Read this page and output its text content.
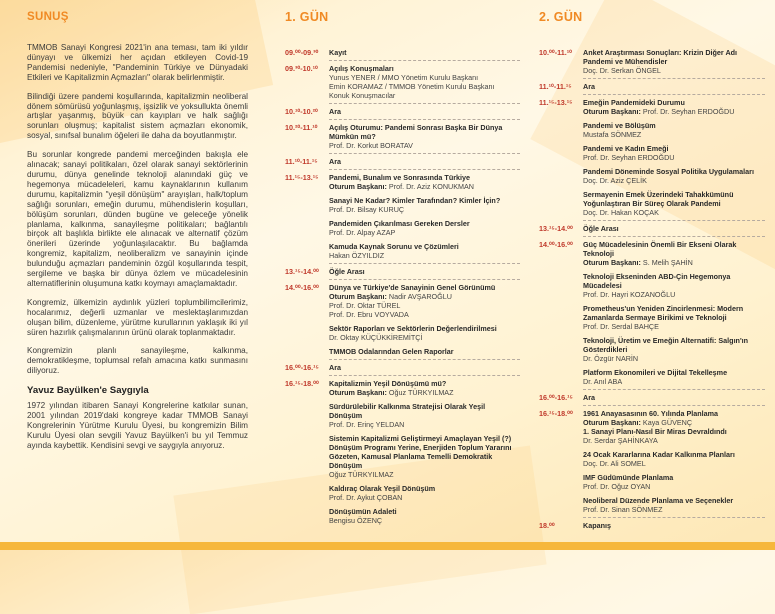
SUNUŞ

TMMOB Sanayi Kongresi 2021'in ana teması, tam iki yıldır dünyayı ve ülkemizi her açıdan etkileyen Covid-19 Pandemisi nedeniyle, "Pandeminin Türkiye ve Dünyadaki Etkileri ve Kapitalizmin Açmazları" olarak belirlenmiştir.

Bilindiği üzere pandemi koşullarında, kapitalizmin neoliberal dönem sömürüsü yoğunlaşmış, işsizlik ve yoksullukta önemli artışlar yaşanmış, büyük can kayıpları ve halk sağlığı sorunları oluşmuş; kapitalist sistem açmazları ekonomik, sosyal, sınıfsal bunalım öğeleri ile daha da boyutlanmıştır.

Bu sorunlar kongrede pandemi merceğinden bakışla ele alınacak; sanayi politikaları, özel olarak sanayi sektörlerinin durumu, dünya genelinde teknoloji alanındaki güç ve hegemonya mücadeleleri, kamu kaynaklarının kullanım durumu, kapitalizmin "yeşil dönüşüm" arayışları, halk/toplum sağlığı sorunları, emeğin durumu, mühendislerin koşulları, bölüşüm sorunları, dünden bugüne ve geleceğe yönelik planlama, kalkınma, sanayileşme politikaları; bağlantılı birçok alt başlıkla birlikte ele alınacak ve alternatif çözüm önerileri üzerinde yoğunlaşılacaktır. Bu bağlamda kongremiz, kapitalizm, neoliberalizm ve sanayinin içinde bulunduğu açmazları pandeminin özgül koşullarında tespit, sergileme ve başka bir dünya özlem ve mücadelesinin alternatiflerinin oluşumuna katkı koymayı amaçlamaktadır.

Kongremiz, ülkemizin aydınlık yüzleri toplumbilimcilerimiz, hocalarımız, değerli uzmanlar ve meslektaşlarımızdan oluşan bilim, düzenleme, yürütme kurullarının yaklaşık iki yıl süren hazırlık çalışmalarının ürünü olarak toplanmaktadır.

Kongremizin planlı sanayileşme, kalkınma, demokratikleşme, toplumsal refah amacına katkı sunmasını diliyoruz.

Yavuz Bayülken'e Saygıyla

1972 yılından itibaren Sanayi Kongrelerine katkılar sunan, 2001 yılından 2019'daki kongreye kadar TMMOB Sanayi Kongrelerinin Yürütme Kurulu Üyesi, bu kongremizin Bilim Kurulu Üyesi olan sevgili Yavuz Bayülken'i bu yıl Temmuz ayında kaybettik. Kendisini sevgi ve saygıyla anıyoruz.

1. GÜN
09.⁰⁰-09.³⁰	Kayıt
09.³⁰-10.¹⁰	Açılış Konuşmaları
Yunus YENER / MMO Yönetim Kurulu Başkanı
Emin KORAMAZ / TMMOB Yönetim Kurulu Başkanı
Konuk Konuşmacılar
10.¹⁰-10.²⁰	Ara
10.²⁰-11.¹⁰	Açılış Oturumu: Pandemi Sonrası Başka Bir Dünya Mümkün mü?
Prof. Dr. Korkut BORATAV
11.¹⁰-11.¹⁵	Ara
11.¹⁵-13.¹⁵	Pandemi, Bunalım ve Sonrasında Türkiye
Oturum Başkanı: Prof. Dr. Aziz KONUKMAN
Sanayi Ne Kadar? Kimler Tarafından? Kimler İçin?
Prof. Dr. Bilsay KURUÇ
Pandemiden Çıkarılması Gereken Dersler
Prof. Dr. Alpay AZAP
Kamuda Kaynak Sorunu ve Çözümleri
Hakan ÖZYILDIZ
13.¹⁵-14.⁰⁰	Öğle Arası
14.⁰⁰-16.⁰⁰	Dünya ve Türkiye'de Sanayinin Genel Görünümü
Oturum Başkanı: Nadir AVŞAROĞLU
Prof. Dr. Oktar TÜREL
Prof. Dr. Ebru VOYVADA
Sektör Raporları ve Sektörlerin Değerlendirilmesi
Dr. Oktay KÜÇÜKKİREMİTÇİ
TMMOB Odalarından Gelen Raporlar
16.⁰⁰-16.¹⁵	Ara
16.¹⁵-18.⁰⁰	Kapitalizmin Yeşil Dönüşümü mü?
Oturum Başkanı: Oğuz TÜRKYILMAZ
Sürdürülebilir Kalkınma Stratejisi Olarak Yeşil Dönüşüm
Prof. Dr. Erinç YELDAN
Sistemin Kapitalizmi Geliştirmeyi Amaçlayan Yeşil (?) Dönüşüm Programı Yerine, Enerjiden Toplum Yararını Gözeten, Kamusal Planlama Temelli Demokratik Dönüşüm
Oğuz TÜRKYILMAZ
Kaldıraç Olarak Yeşil Dönüşüm
Prof. Dr. Aykut ÇOBAN
Dönüşümün Adaleti
Bengisu ÖZENÇ
2. GÜN
10.⁰⁰-11.¹⁰	Anket Araştırması Sonuçları: Krizin Diğer Adı Pandemi ve Mühendisler
Doç. Dr. Serkan ÖNGEL
11.¹⁰-11.¹⁵	Ara
11.¹⁵-13.¹⁵	Emeğin Pandemideki Durumu
Oturum Başkanı: Prof. Dr. Seyhan ERDOĞDU
Pandemi ve Bölüşüm
Mustafa SÖNMEZ
Pandemi ve Kadın Emeği
Prof. Dr. Seyhan ERDOĞDU
Pandemi Döneminde Sosyal Politika Uygulamaları
Doç. Dr. Aziz ÇELİK
Sermayenin Emek Üzerindeki Tahakkümünü Yoğunlaştıran Bir Süreç Olarak Pandemi
Doç. Dr. Hakan KOÇAK
13.¹⁵-14.⁰⁰	Öğle Arası
14.⁰⁰-16.⁰⁰	Güç Mücadelesinin Önemli Bir Ekseni Olarak Teknoloji
Oturum Başkanı: S. Melih ŞAHİN
Teknoloji Ekseninden ABD-Çin Hegemonya Mücadelesi
Prof. Dr. Hayri KOZANOĞLU
Prometheus'un Yeniden Zincirlenmesi: Modern Zamanlarda Sermaye Birikimi ve Teknoloji
Prof. Dr. Serdal BAHÇE
Teknoloji, Üretim ve Emeğin Alternatifi: Salgın'ın Gösterdikleri
Dr. Özgür NARİN
Platform Ekonomileri ve Dijital Tekelleşme
Dr. Anıl ABA
16.⁰⁰-16.¹⁵	Ara
16.¹⁵-18.⁰⁰	1961 Anayasasının 60. Yılında Planlama
Oturum Başkanı: Kaya GÜVENÇ
1. Sanayi Planı-Nasıl Bir Miras Devraldındı
Dr. Serdar ŞAHİNKAYA
24 Ocak Kararlarına Kadar Kalkınma Planları
Doç. Dr. Ali SOMEL
IMF Güdümünde Planlama
Prof. Dr. Oğuz OYAN
Neoliberal Düzende Planlama ve Seçenekler
Prof. Dr. Sinan SÖNMEZ
18.⁰⁰	Kapanış
